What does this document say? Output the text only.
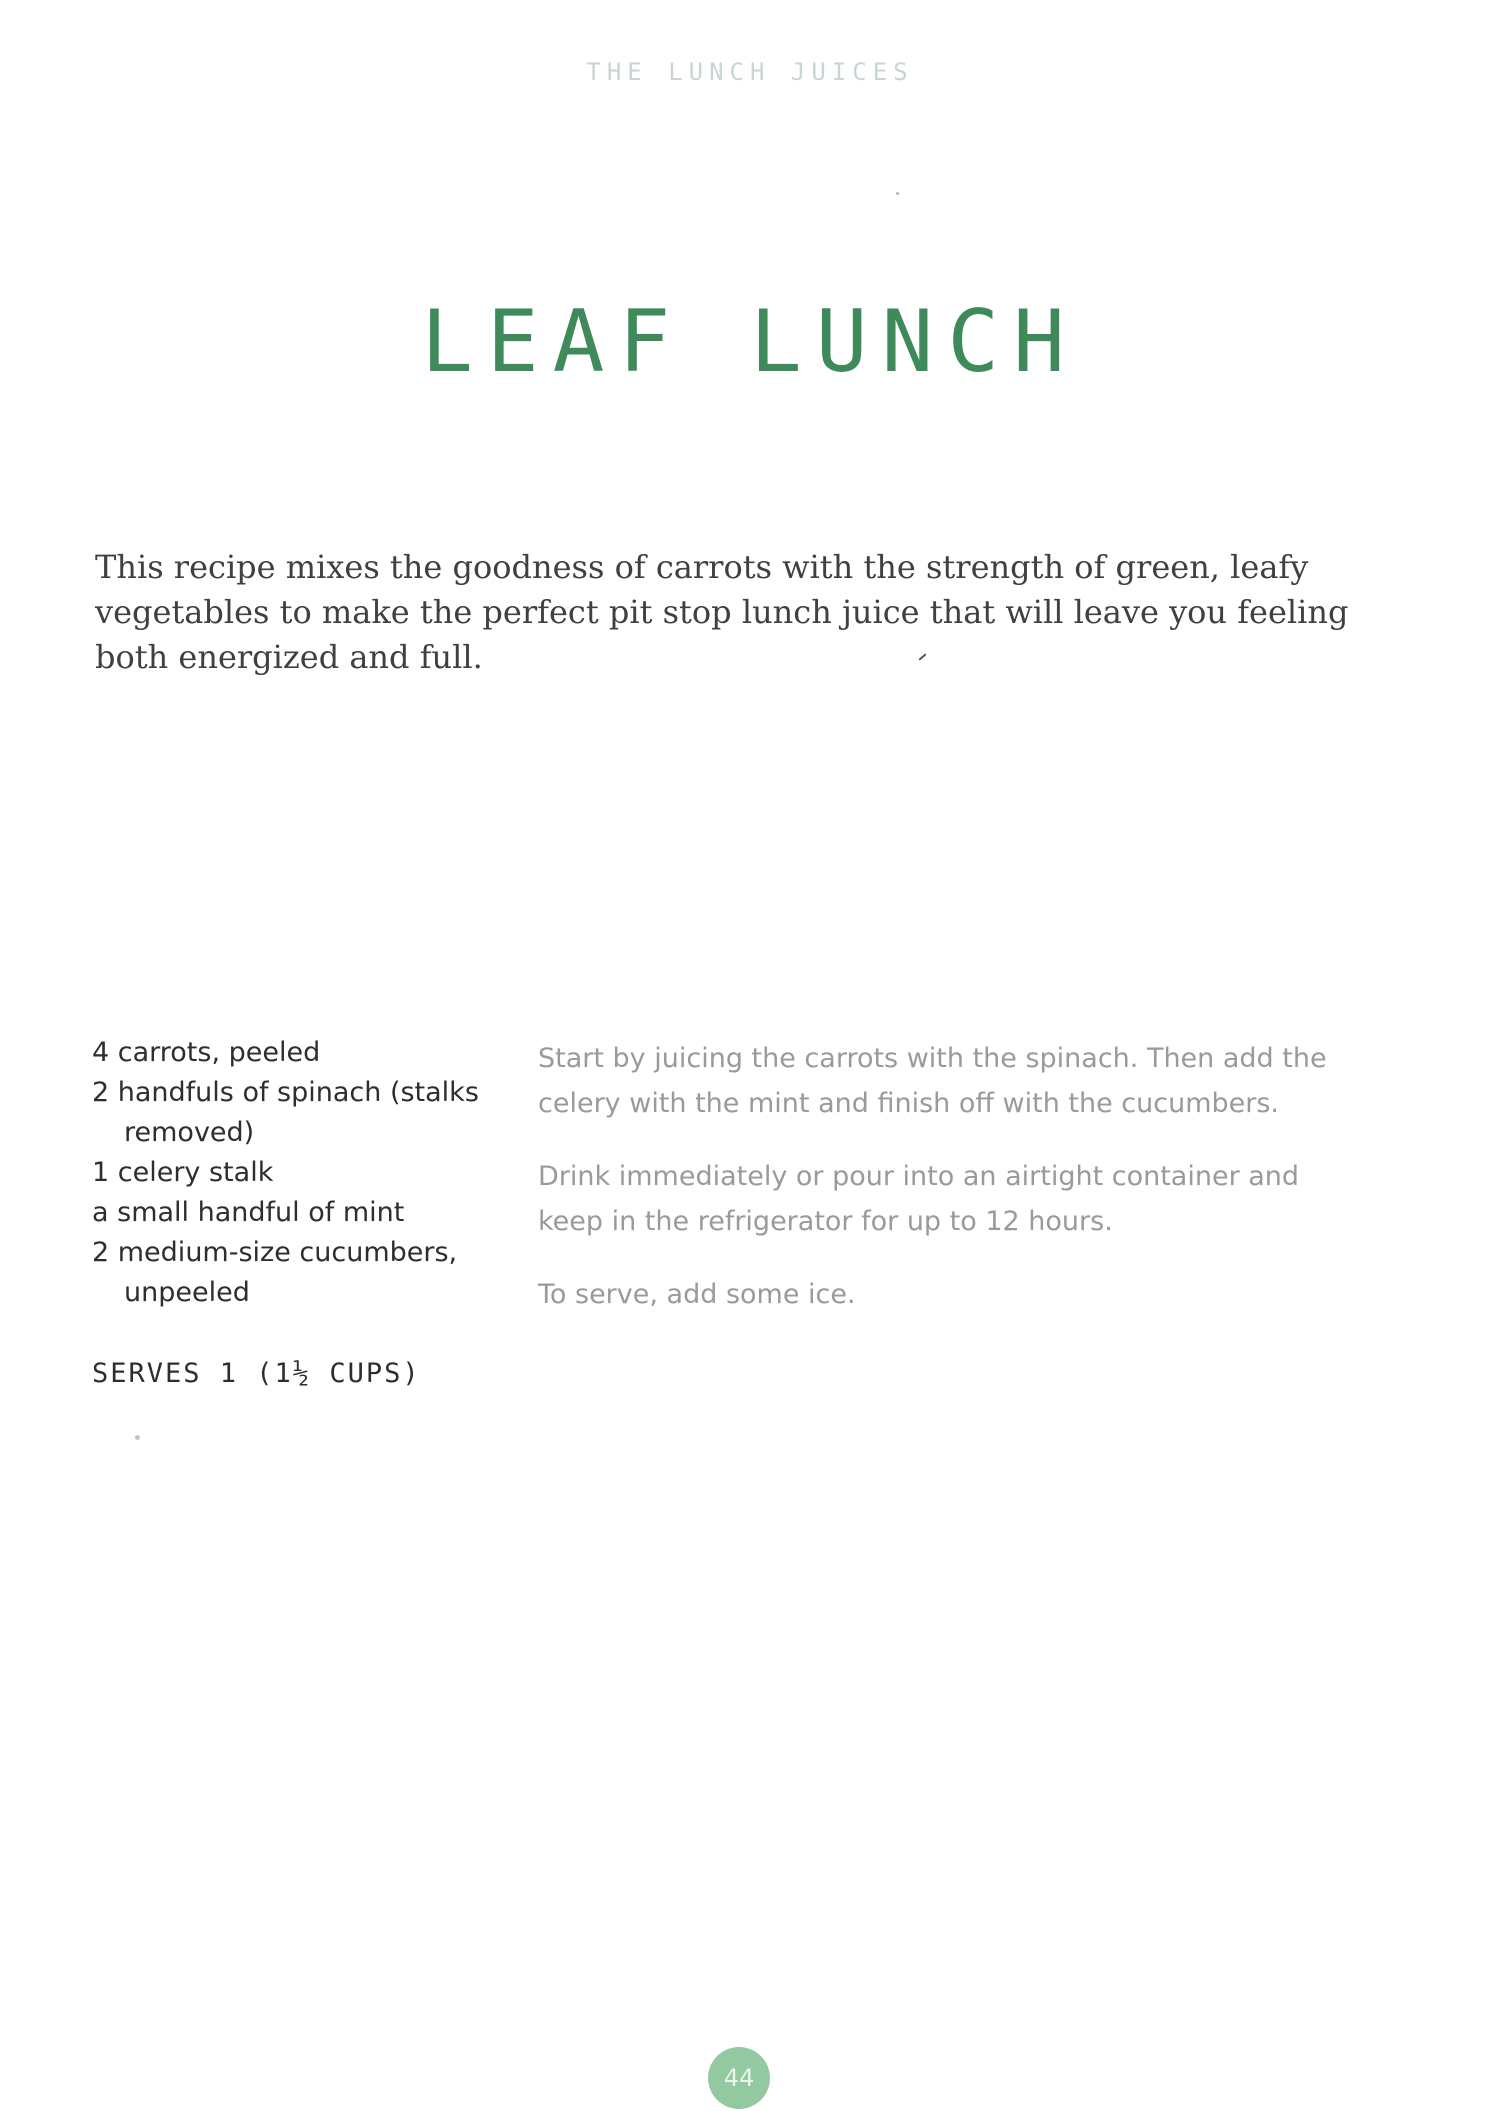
THE LUNCH JUICES
LEAF LUNCH

This recipe mixes the goodness of carrots with the strength of green, leafy vegetables to make the perfect pit stop lunch juice that will leave you feeling both energized and full.

4 carrots, peeled
2 handfuls of spinach (stalks removed)
1 celery stalk
a small handful of mint
2 medium-size cucumbers, unpeeled
SERVES 1 (1½ CUPS)

Start by juicing the carrots with the spinach. Then add the celery with the mint and finish off with the cucumbers.

Drink immediately or pour into an airtight container and keep in the refrigerator for up to 12 hours.

To serve, add some ice.

44
